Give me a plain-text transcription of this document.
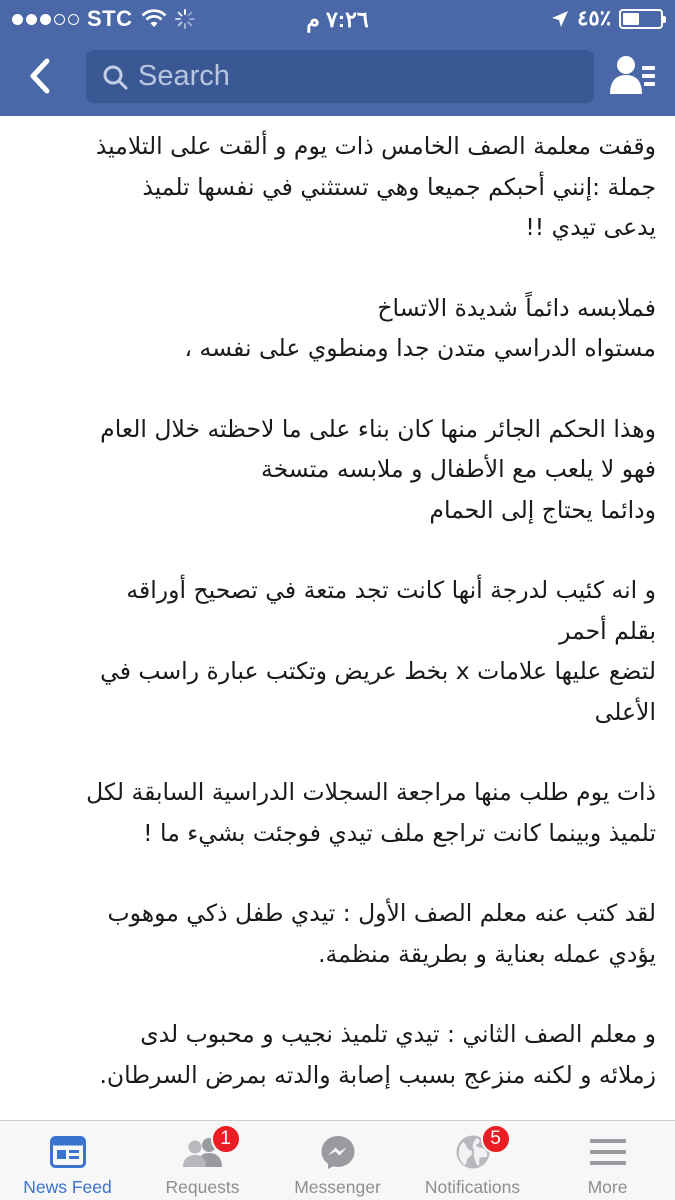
STC	٧:٢٦ م	٤٥٪
Search
وقفت معلمة الصف الخامس ذات يوم و ألقت على التلاميذ
جملة :إنني أحبكم جميعا وهي تستثني في نفسها تلميذ
يدعى تيدي !!
فملابسه دائماً شديدة الاتساخ
مستواه الدراسي متدن جدا ومنطوي على نفسه ،
وهذا الحكم الجائر منها كان بناء على ما لاحظته خلال العام
فهو لا يلعب مع الأطفال و ملابسه متسخة
ودائما يحتاج إلى الحمام
و انه كئيب لدرجة أنها كانت تجد متعة في تصحيح أوراقه
بقلم أحمر
لتضع عليها علامات x بخط عريض وتكتب عبارة راسب في
الأعلى
ذات يوم طلب منها مراجعة السجلات الدراسية السابقة لكل
تلميذ وبينما كانت تراجع ملف تيدي فوجئت بشيء ما !
لقد كتب عنه معلم الصف الأول : تيدي طفل ذكي موهوب
يؤدي عمله بعناية و بطريقة منظمة.
و معلم الصف الثاني : تيدي تلميذ نجيب و محبوب لدى
زملائه و لكنه منزعج بسبب إصابة والدته بمرض السرطان.
News Feed
1
Requests	Messenger
5
Notifications	More
